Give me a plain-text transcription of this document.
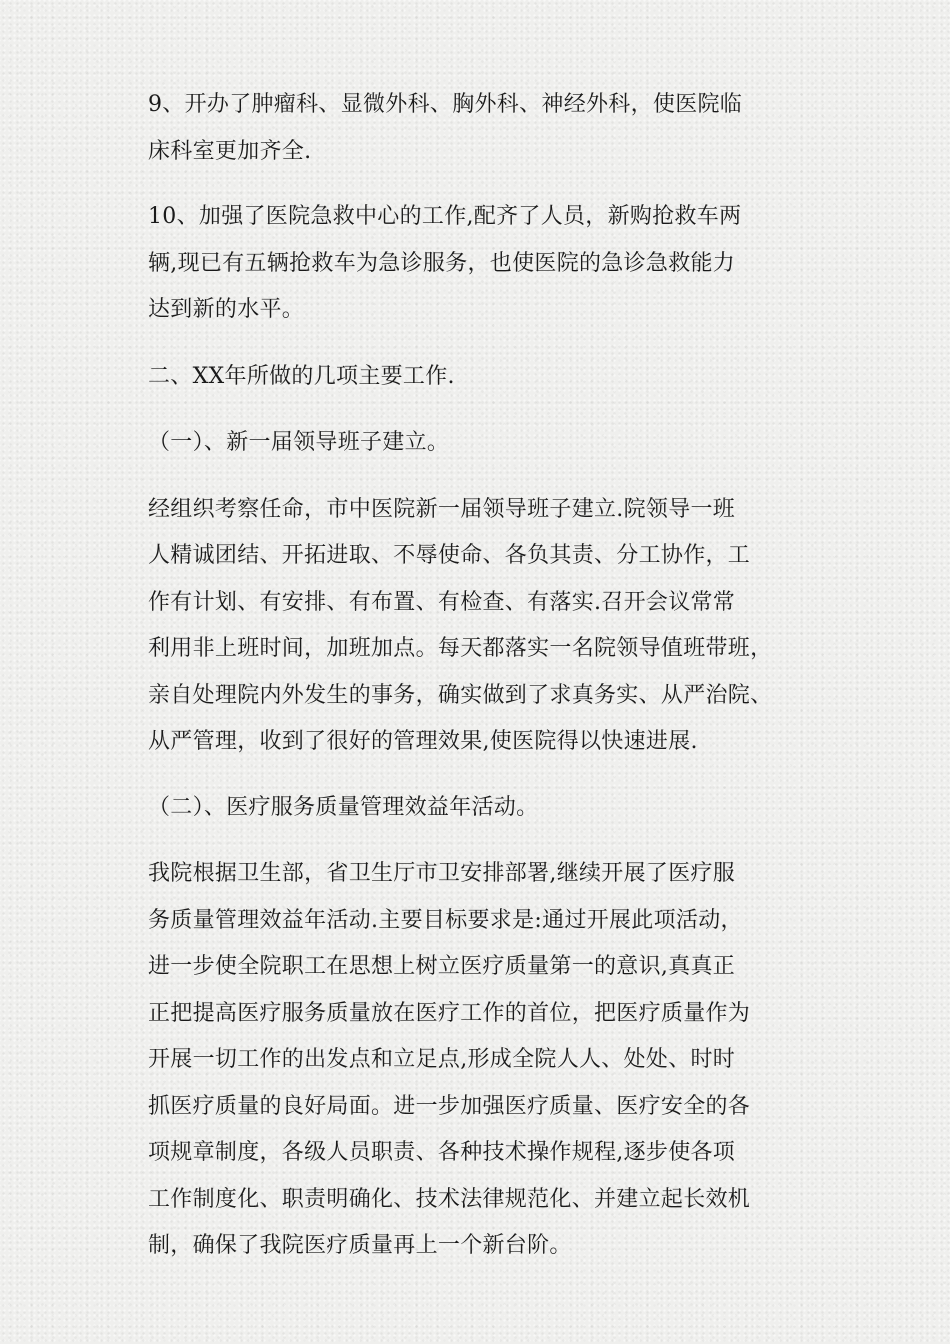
9、开办了肿瘤科、显微外科、胸外科、神经外科，使医院临
床科室更加齐全.

10、加强了医院急救中心的工作,配齐了人员，新购抢救车两
辆,现已有五辆抢救车为急诊服务，也使医院的急诊急救能力
达到新的水平。

二、XX年所做的几项主要工作.

（一）、新一届领导班子建立。

经组织考察任命，市中医院新一届领导班子建立.院领导一班
人精诚团结、开拓进取、不辱使命、各负其责、分工协作，工
作有计划、有安排、有布置、有检查、有落实.召开会议常常
利用非上班时间，加班加点。每天都落实一名院领导值班带班，
亲自处理院内外发生的事务，确实做到了求真务实、从严治院、
从严管理，收到了很好的管理效果,使医院得以快速进展.

（二）、医疗服务质量管理效益年活动。

我院根据卫生部，省卫生厅市卫安排部署,继续开展了医疗服
务质量管理效益年活动.主要目标要求是:通过开展此项活动，
进一步使全院职工在思想上树立医疗质量第一的意识,真真正
正把提高医疗服务质量放在医疗工作的首位，把医疗质量作为
开展一切工作的出发点和立足点,形成全院人人、处处、时时
抓医疗质量的良好局面。进一步加强医疗质量、医疗安全的各
项规章制度，各级人员职责、各种技术操作规程,逐步使各项
工作制度化、职责明确化、技术法律规范化、并建立起长效机
制，确保了我院医疗质量再上一个新台阶。
